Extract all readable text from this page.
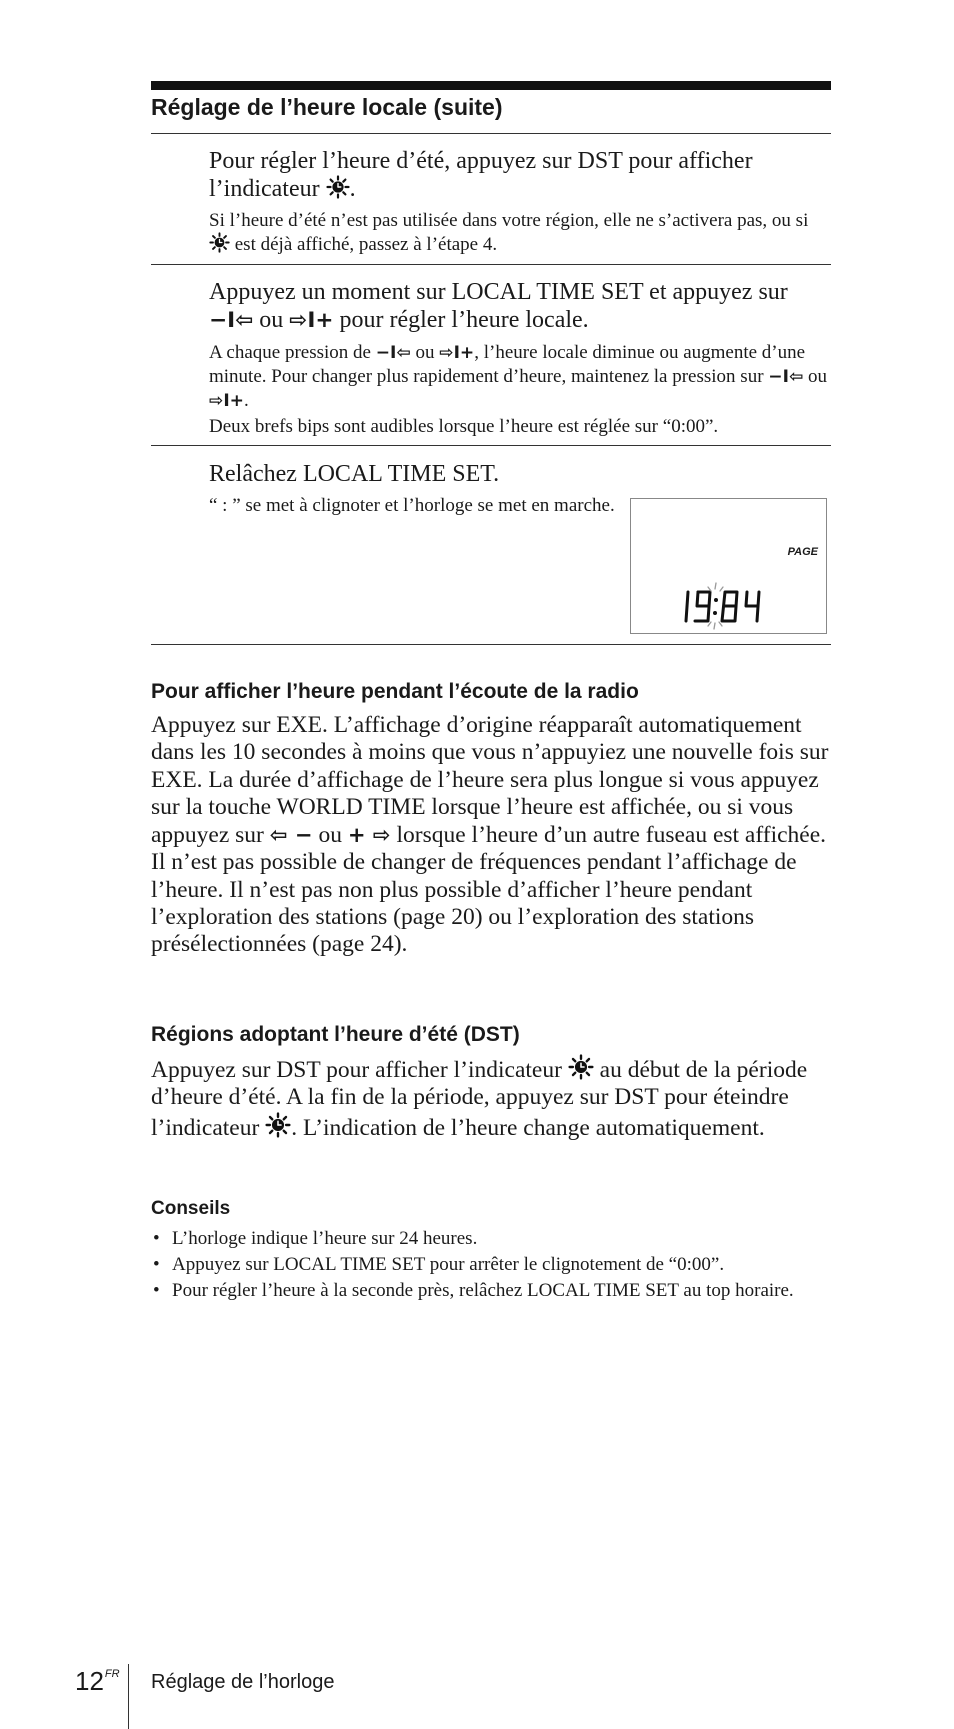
Réglage de l’heure locale (suite)

Pour régler l’heure d’été, appuyez sur DST pour afficher l’indicateur .

Si l’heure d’été n’est pas utilisée dans votre région, elle ne s’activera pas, ou si  est déjà affiché, passez à l’étape 4.

Appuyez un moment sur LOCAL TIME SET et appuyez sur −I⇦ ou ⇨I+ pour régler l’heure locale.

A chaque pression de −I⇦ ou ⇨I+, l’heure locale diminue ou augmente d’une minute. Pour changer plus rapidement d’heure, maintenez la pression sur −I⇦ ou ⇨I+.

Deux brefs bips sont audibles lorsque l’heure est réglée sur “0:00”.

Relâchez LOCAL TIME SET.

“ : ” se met à clignoter et l’horloge se met en marche.

PAGE
Pour afficher l’heure pendant l’écoute de la radio

Appuyez sur EXE. L’affichage d’origine réapparaît automatiquement dans les 10 secondes à moins que vous n’appuyiez une nouvelle fois sur EXE. La durée d’affichage de l’heure sera plus longue si vous appuyez sur la touche WORLD TIME lorsque l’heure est affichée, ou si vous appuyez sur ⇦ − ou + ⇨ lorsque l’heure d’un autre fuseau est affichée. Il n’est pas possible de changer de fréquences pendant l’affichage de l’heure. Il n’est pas non plus possible d’afficher l’heure pendant l’exploration des stations (page 20) ou l’exploration des stations présélectionnées (page 24).

Régions adoptant l’heure d’été (DST)

Appuyez sur DST pour afficher l’indicateur  au début de la période d’heure d’été. A la fin de la période, appuyez sur DST pour éteindre l’indicateur . L’indication de l’heure change automatiquement.

Conseils
• L’horloge indique l’heure sur 24 heures.
• Appuyez sur LOCAL TIME SET pour arrêter le clignotement de “0:00”.
• Pour régler l’heure à la seconde près, relâchez LOCAL TIME SET au top horaire.
12$^{FR}$ Réglage de l’horloge
